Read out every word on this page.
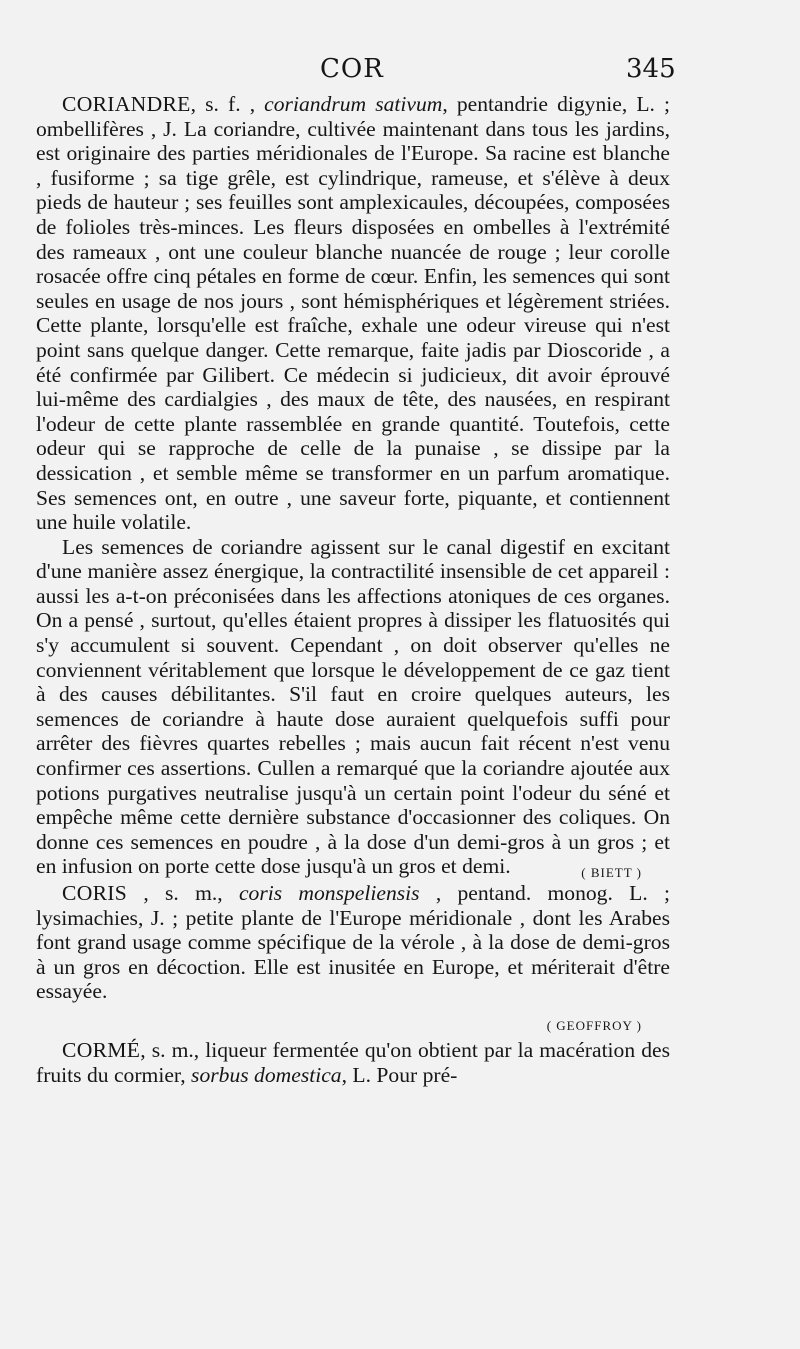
COR	345

CORIANDRE, s. f. , coriandrum sativum, pentandrie digynie, L. ; ombellifères , J. La coriandre, cultivée maintenant dans tous les jardins, est originaire des parties méridionales de l'Europe. Sa racine est blanche , fusiforme ; sa tige grêle, est cylindrique, rameuse, et s'élève à deux pieds de hauteur ; ses feuilles sont amplexicaules, découpées, composées de folioles très-minces. Les fleurs disposées en ombelles à l'extrémité des rameaux , ont une couleur blanche nuancée de rouge ; leur corolle rosacée offre cinq pétales en forme de cœur. Enfin, les semences qui sont seules en usage de nos jours , sont hémisphériques et légèrement striées. Cette plante, lorsqu'elle est fraîche, exhale une odeur vireuse qui n'est point sans quelque danger. Cette remarque, faite jadis par Dioscoride , a été confirmée par Gilibert. Ce médecin si judicieux, dit avoir éprouvé lui-même des cardialgies , des maux de tête, des nausées, en respirant l'odeur de cette plante rassemblée en grande quantité. Toutefois, cette odeur qui se rapproche de celle de la punaise , se dissipe par la dessication , et semble même se transformer en un parfum aromatique. Ses semences ont, en outre , une saveur forte, piquante, et contiennent une huile volatile.

Les semences de coriandre agissent sur le canal digestif en excitant d'une manière assez énergique, la contractilité insensible de cet appareil : aussi les a-t-on préconisées dans les affections atoniques de ces organes. On a pensé , surtout, qu'elles étaient propres à dissiper les flatuosités qui s'y accumulent si souvent. Cependant , on doit observer qu'elles ne conviennent véritablement que lorsque le développement de ce gaz tient à des causes débilitantes. S'il faut en croire quelques auteurs, les semences de coriandre à haute dose auraient quelquefois suffi pour arrêter des fièvres quartes rebelles ; mais aucun fait récent n'est venu confirmer ces assertions. Cullen a remarqué que la coriandre ajoutée aux potions purgatives neutralise jusqu'à un certain point l'odeur du séné et empêche même cette dernière substance d'occasionner des coliques. On donne ces semences en poudre , à la dose d'un demi-gros à un gros ; et en infusion on porte cette dose jusqu'à un gros et demi.	( BIETT )

CORIS , s. m., coris monspeliensis , pentand. monog. L. ; lysimachies, J. ; petite plante de l'Europe méridionale , dont les Arabes font grand usage comme spécifique de la vérole , à la dose de demi-gros à un gros en décoction. Elle est inusitée en Europe, et mériterait d'être essayée.

( GEOFFROY )

CORMÉ, s. m., liqueur fermentée qu'on obtient par la macération des fruits du cormier, sorbus domestica, L. Pour pré-
